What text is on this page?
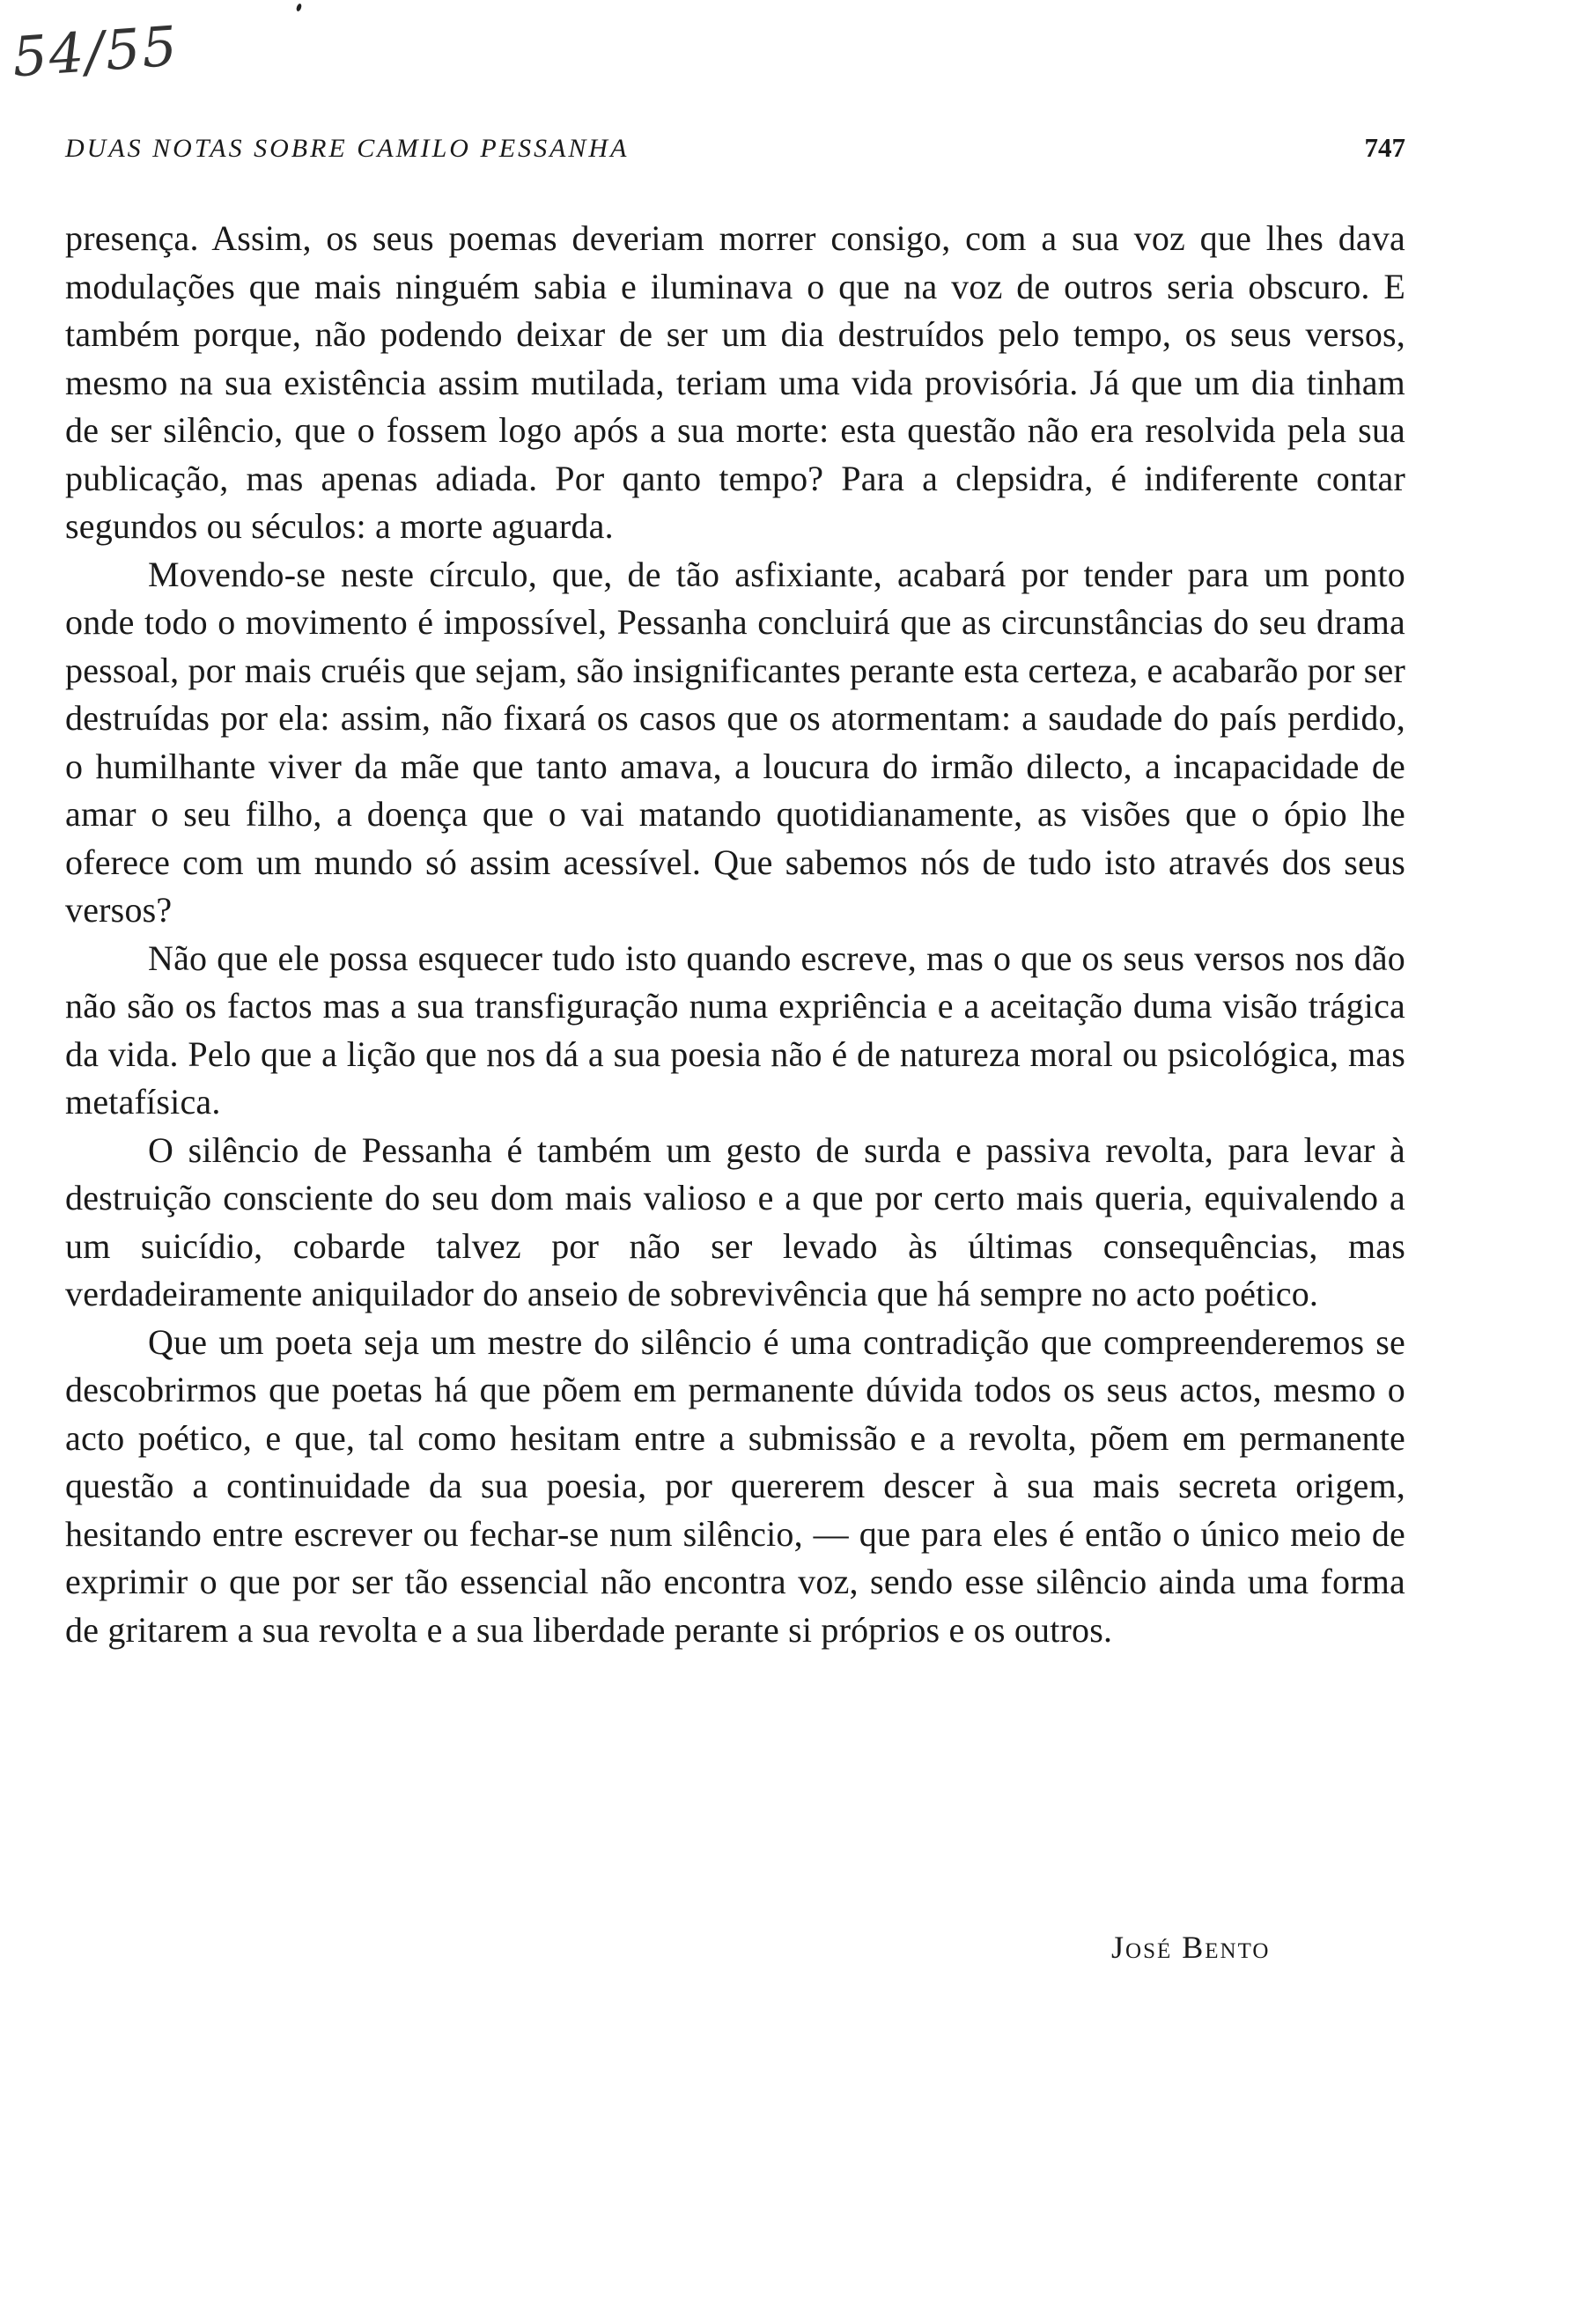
54/55
DUAS NOTAS SOBRE CAMILO PESSANHA	747

presença. Assim, os seus poemas deveriam morrer consigo, com a sua voz que lhes dava modulações que mais ninguém sabia e iluminava o que na voz de outros seria obscuro. E também porque, não podendo deixar de ser um dia destruídos pelo tempo, os seus versos, mesmo na sua existência assim mutilada, teriam uma vida provisória. Já que um dia tinham de ser silêncio, que o fossem logo após a sua morte: esta questão não era resolvida pela sua publicação, mas apenas adiada. Por qanto tempo? Para a clepsidra, é indiferente contar segundos ou séculos: a morte aguarda.

Movendo-se neste círculo, que, de tão asfixiante, acabará por tender para um ponto onde todo o movimento é impossível, Pessanha concluirá que as circunstâncias do seu drama pessoal, por mais cruéis que sejam, são insignificantes perante esta certeza, e acabarão por ser destruídas por ela: assim, não fixará os casos que os atormentam: a saudade do país perdido, o humilhante viver da mãe que tanto amava, a loucura do irmão dilecto, a incapacidade de amar o seu filho, a doença que o vai matando quotidianamente, as visões que o ópio lhe oferece com um mundo só assim acessível. Que sabemos nós de tudo isto através dos seus versos?

Não que ele possa esquecer tudo isto quando escreve, mas o que os seus versos nos dão não são os factos mas a sua transfiguração numa expriência e a aceitação duma visão trágica da vida. Pelo que a lição que nos dá a sua poesia não é de natureza moral ou psicológica, mas metafísica.

O silêncio de Pessanha é também um gesto de surda e passiva revolta, para levar à destruição consciente do seu dom mais valioso e a que por certo mais queria, equivalendo a um suicídio, cobarde talvez por não ser levado às últimas consequências, mas verdadeiramente aniquilador do anseio de sobrevivência que há sempre no acto poético.

Que um poeta seja um mestre do silêncio é uma contradição que compreenderemos se descobrirmos que poetas há que põem em permanente dúvida todos os seus actos, mesmo o acto poético, e que, tal como hesitam entre a submissão e a revolta, põem em permanente questão a continuidade da sua poesia, por quererem descer à sua mais secreta origem, hesitando entre escrever ou fechar-se num silêncio, — que para eles é então o único meio de exprimir o que por ser tão essencial não encontra voz, sendo esse silêncio ainda uma forma de gritarem a sua revolta e a sua liberdade perante si próprios e os outros.

José Bento
